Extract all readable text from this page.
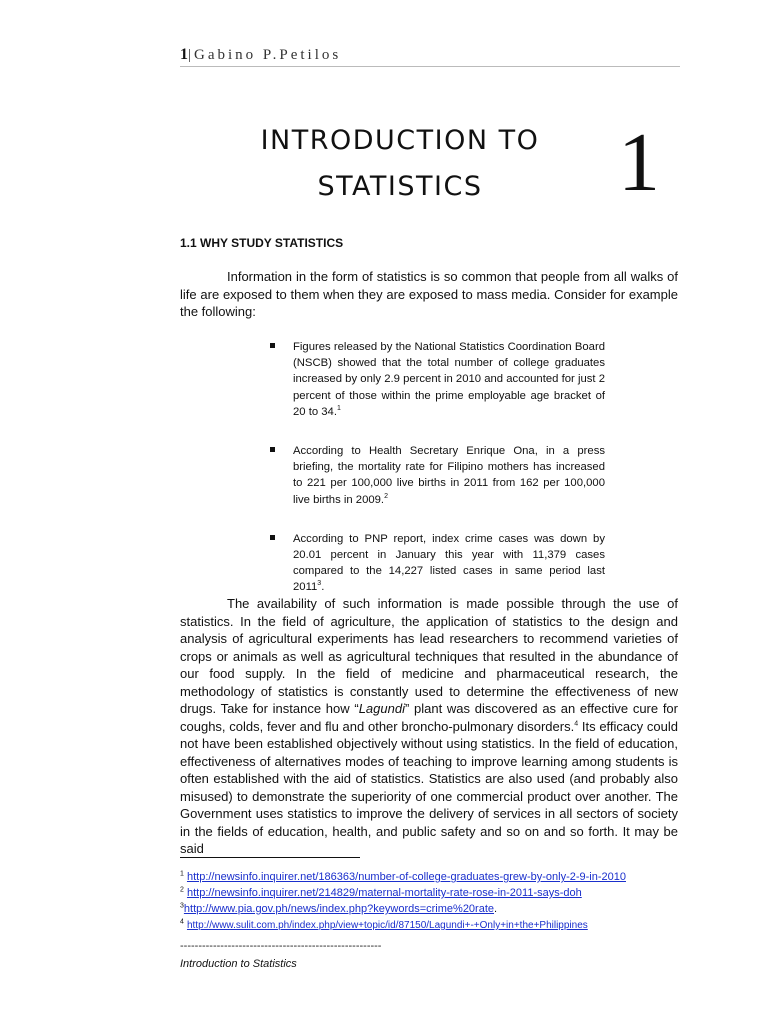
1|Gabino P.Petilos
INTRODUCTION TO
STATISTICS	1
1.1 WHY STUDY STATISTICS

Information in the form of statistics is so common that people from all walks of life are exposed to them when they are exposed to mass media. Consider for example the following:

Figures released by the National Statistics Coordination Board (NSCB) showed that the total number of college graduates increased by only 2.9 percent in 2010 and accounted for just 2 percent of those within the prime employable age bracket of 20 to 34.$^1$
According to Health Secretary Enrique Ona, in a press briefing, the mortality rate for Filipino mothers has increased to 221 per 100,000 live births in 2011 from 162 per 100,000 live births in 2009.$^2$
According to PNP report, index crime cases was down by 20.01 percent in January this year with 11,379 cases compared to the 14,227 listed cases in same period last 2011$^3$.

The availability of such information is made possible through the use of statistics. In the field of agriculture, the application of statistics to the design and analysis of agricultural experiments has lead researchers to recommend varieties of crops or animals as well as agricultural techniques that resulted in the abundance of our food supply. In the field of medicine and pharmaceutical research, the methodology of statistics is constantly used to determine the effectiveness of new drugs. Take for instance how “Lagundi” plant was discovered as an effective cure for coughs, colds, fever and flu and other broncho-pulmonary disorders.$^4$ Its efficacy could not have been established objectively without using statistics. In the field of education, effectiveness of alternatives modes of teaching to improve learning among students is often established with the aid of statistics. Statistics are also used (and probably also misused) to demonstrate the superiority of one commercial product over another. The Government uses statistics to improve the delivery of services in all sectors of society in the fields of education, health, and public safety and so on and so forth. It may be said

$^1$ http://newsinfo.inquirer.net/186363/number-of-college-graduates-grew-by-only-2-9-in-2010
$^2$ http://newsinfo.inquirer.net/214829/maternal-mortality-rate-rose-in-2011-says-doh
$^3$http://www.pia.gov.ph/news/index.php?keywords=crime%20rate.
$^4$ http://www.sulit.com.ph/index.php/view+topic/id/87150/Lagundi+-+Only+in+the+Philippines
-------------------------------------------------------
Introduction to Statistics
